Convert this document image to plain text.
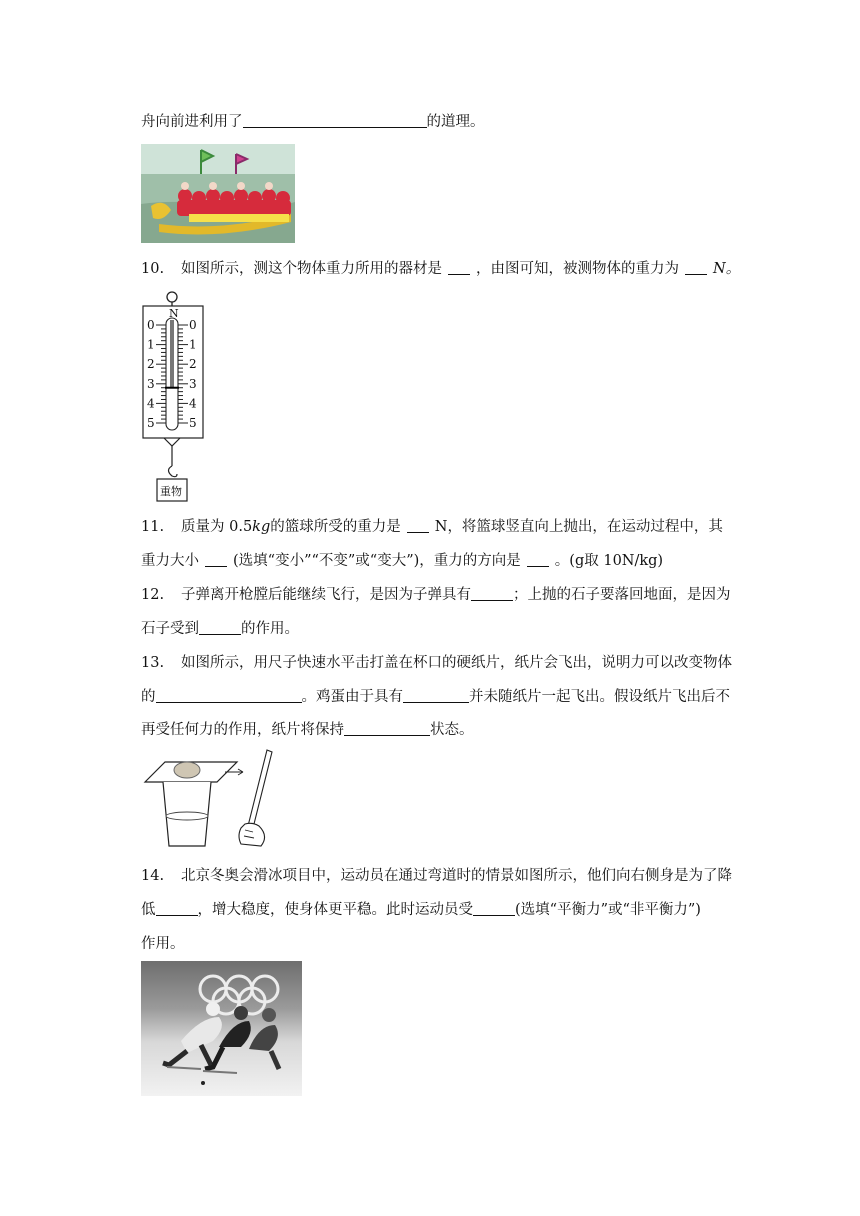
舟向前进利用了	的道理。
10. 如图所示，测这个物体重力所用的器材是 ，由图可知，被测物体的重力为 N。
0	0
1	1
2	2
3	3
4	4
5	5
N
重物
11. 质量为 0.5kg的篮球所受的重力是 N，将篮球竖直向上抛出，在运动过程中，其
重力大小 (选填“变小”“不变”或“变大”)，重力的方向是 。(g取 10N/kg)
12. 子弹离开枪膛后能继续飞行，是因为子弹具有	；上抛的石子要落回地面，是因为
石子受到	的作用。
13. 如图所示，用尺子快速水平击打盖在杯口的硬纸片，纸片会飞出，说明力可以改变物体
的	。鸡蛋由于具有	并未随纸片一起飞出。假设纸片飞出后不
再受任何力的作用，纸片将保持	状态。
14. 北京冬奥会滑冰项目中，运动员在通过弯道时的情景如图所示，他们向右侧身是为了降
低	，增大稳度，使身体更平稳。此时运动员受	(选填“平衡力”或“非平衡力”)
作用。
